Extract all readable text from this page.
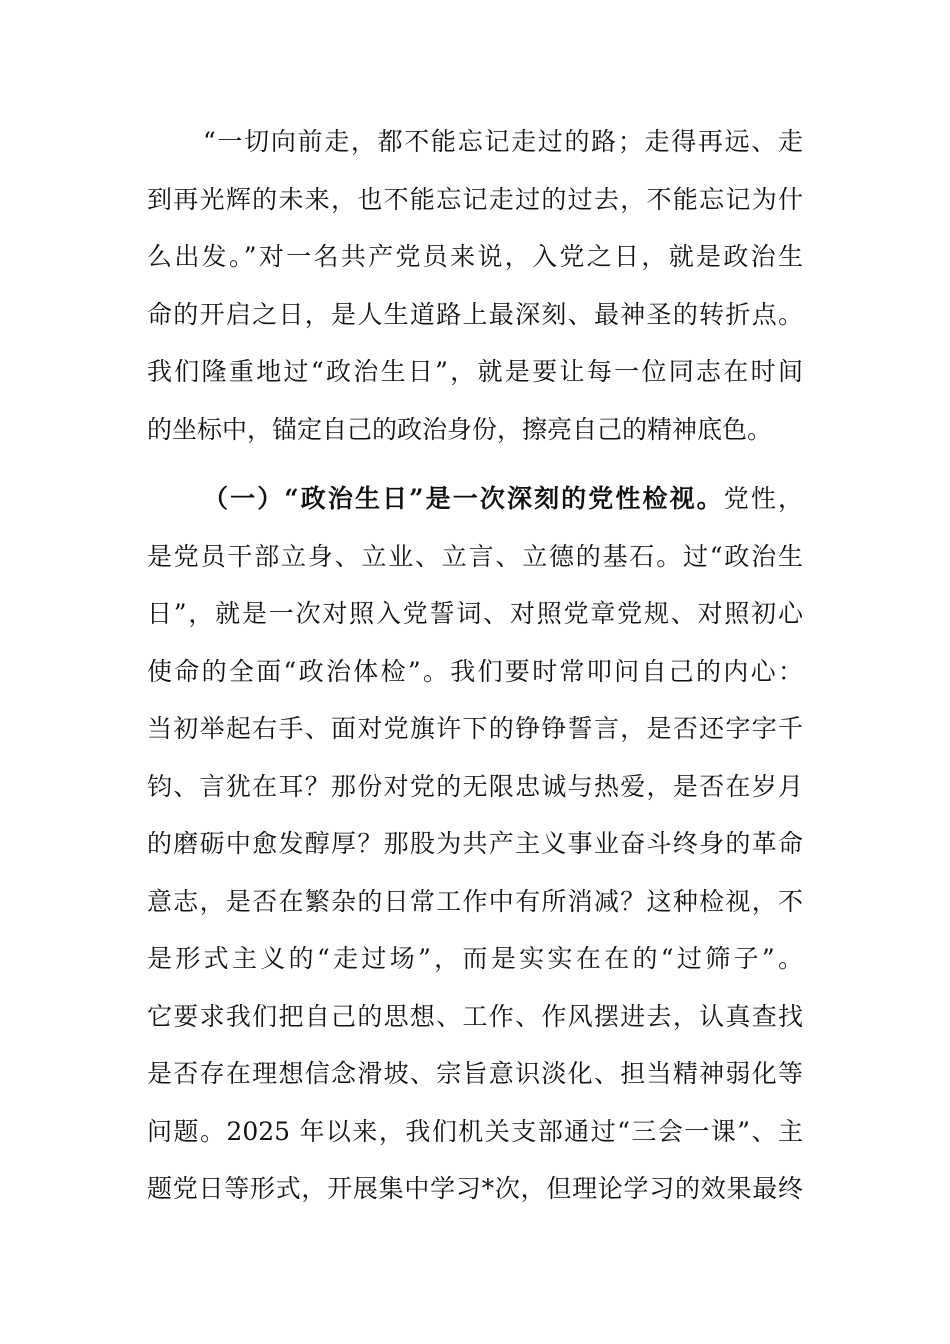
“一切向前走，都不能忘记走过的路；走得再远、走
到再光辉的未来，也不能忘记走过的过去，不能忘记为什
么出发。”对一名共产党员来说，入党之日，就是政治生
命的开启之日，是人生道路上最深刻、最神圣的转折点。
我们隆重地过“政治生日”，就是要让每一位同志在时间
的坐标中，锚定自己的政治身份，擦亮自己的精神底色。
（一）“政治生日”是一次深刻的党性检视。党性，
是党员干部立身、立业、立言、立德的基石。过“政治生
日”，就是一次对照入党誓词、对照党章党规、对照初心
使命的全面“政治体检”。我们要时常叩问自己的内心：
当初举起右手、面对党旗许下的铮铮誓言，是否还字字千
钧、言犹在耳？那份对党的无限忠诚与热爱，是否在岁月
的磨砺中愈发醇厚？那股为共产主义事业奋斗终身的革命
意志，是否在繁杂的日常工作中有所消减？这种检视，不
是形式主义的“走过场”，而是实实在在的“过筛子”。
它要求我们把自己的思想、工作、作风摆进去，认真查找
是否存在理想信念滑坡、宗旨意识淡化、担当精神弱化等
问题。2025 年以来，我们机关支部通过“三会一课”、主
题党日等形式，开展集中学习*次，但理论学习的效果最终
